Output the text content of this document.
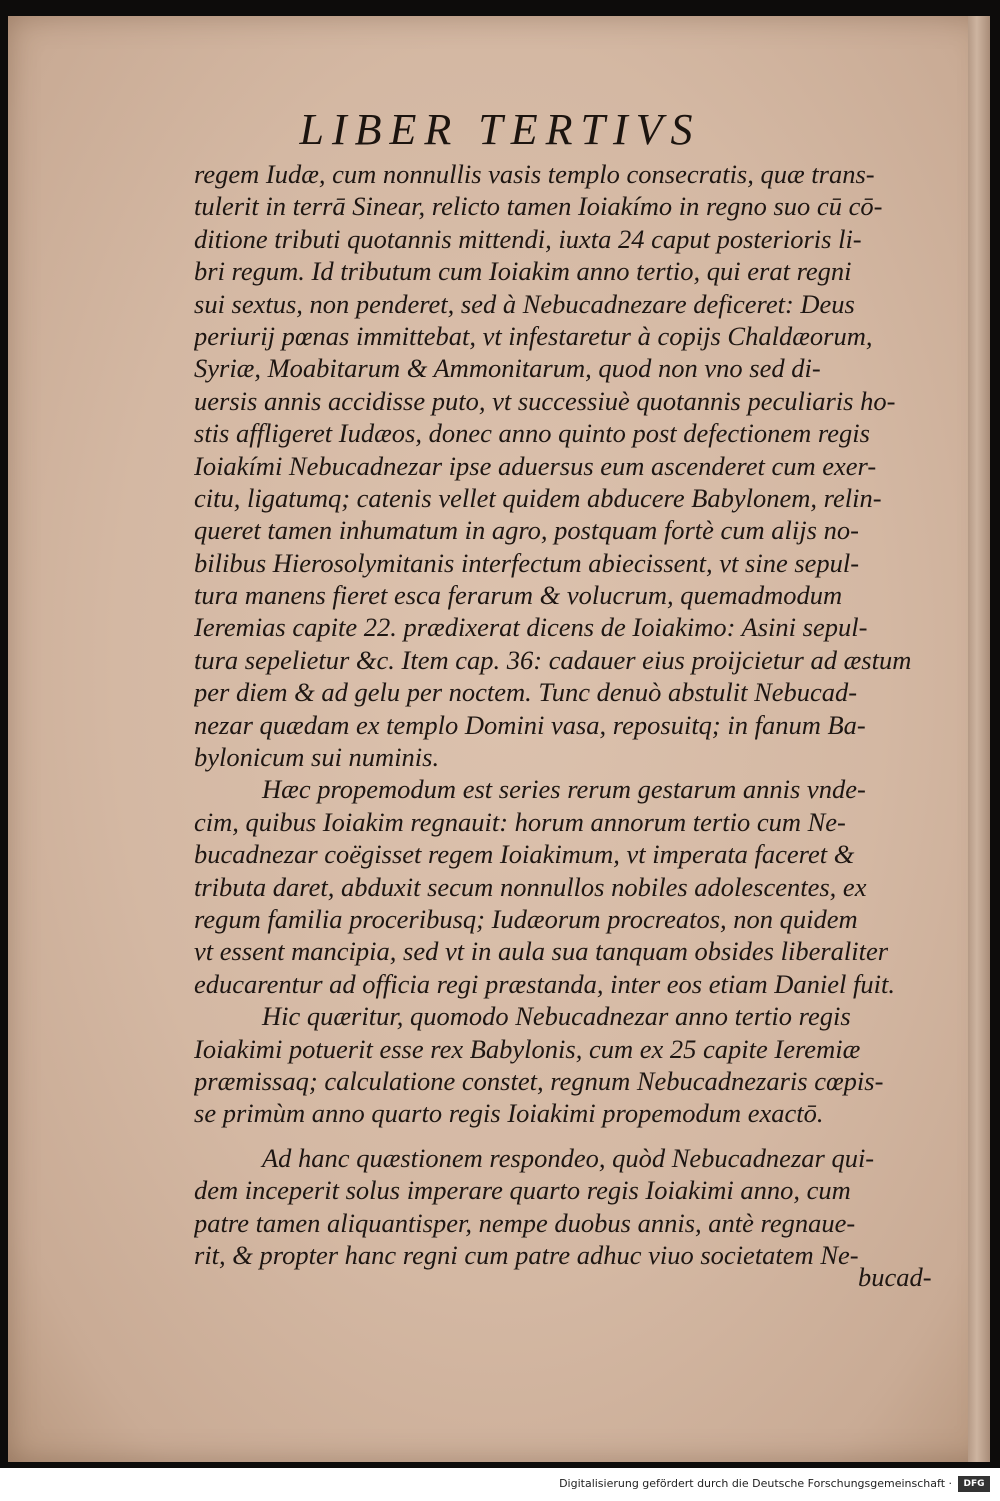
LIBER TERTIVS
regem Iudæ, cum nonnullis vasis templo consecratis, quæ trans-
tulerit in terrā Sinear, relicto tamen Ioiakímo in regno suo cū cō-
ditione tributi quotannis mittendi, iuxta 24 caput posterioris li-
bri regum. Id tributum cum Ioiakim anno tertio, qui erat regni
sui sextus, non penderet, sed à Nebucadnezare deficeret: Deus
periurij pœnas immittebat, vt infestaretur à copijs Chaldæorum,
Syriæ, Moabitarum & Ammonitarum, quod non vno sed di-
uersis annis accidisse puto, vt successiuè quotannis peculiaris ho-
stis affligeret Iudæos, donec anno quinto post defectionem regis
Ioiakími Nebucadnezar ipse aduersus eum ascenderet cum exer-
citu, ligatumq; catenis vellet quidem abducere Babylonem, relin-
queret tamen inhumatum in agro, postquam fortè cum alijs no-
bilibus Hierosolymitanis interfectum abiecissent, vt sine sepul-
tura manens fieret esca ferarum & volucrum, quemadmodum
Ieremias capite 22. prædixerat dicens de Ioiakimo: Asini sepul-
tura sepelietur &c. Item cap. 36: cadauer eius proijcietur ad æstum
per diem & ad gelu per noctem. Tunc denuò abstulit Nebucad-
nezar quædam ex templo Domini vasa, reposuitq; in fanum Ba-
bylonicum sui numinis.
Hæc propemodum est series rerum gestarum annis vnde-
cim, quibus Ioiakim regnauit: horum annorum tertio cum Ne-
bucadnezar coëgisset regem Ioiakimum, vt imperata faceret &
tributa daret, abduxit secum nonnullos nobiles adolescentes, ex
regum familia proceribusq; Iudæorum procreatos, non quidem
vt essent mancipia, sed vt in aula sua tanquam obsides liberaliter
educarentur ad officia regi præstanda, inter eos etiam Daniel fuit.
Hic quæritur, quomodo Nebucadnezar anno tertio regis
Ioiakimi potuerit esse rex Babylonis, cum ex 25 capite Ieremiæ
præmissaq; calculatione constet, regnum Nebucadnezaris cœpis-
se primùm anno quarto regis Ioiakimi propemodum exactō.
Ad hanc quæstionem respondeo, quòd Nebucadnezar qui-
dem inceperit solus imperare quarto regis Ioiakimi anno, cum
patre tamen aliquantisper, nempe duobus annis, antè regnaue-
rit, & propter hanc regni cum patre adhuc viuo societatem Ne-
bucad-
Digitalisierung gefördert durch die Deutsche Forschungsgemeinschaft ·	DFG
